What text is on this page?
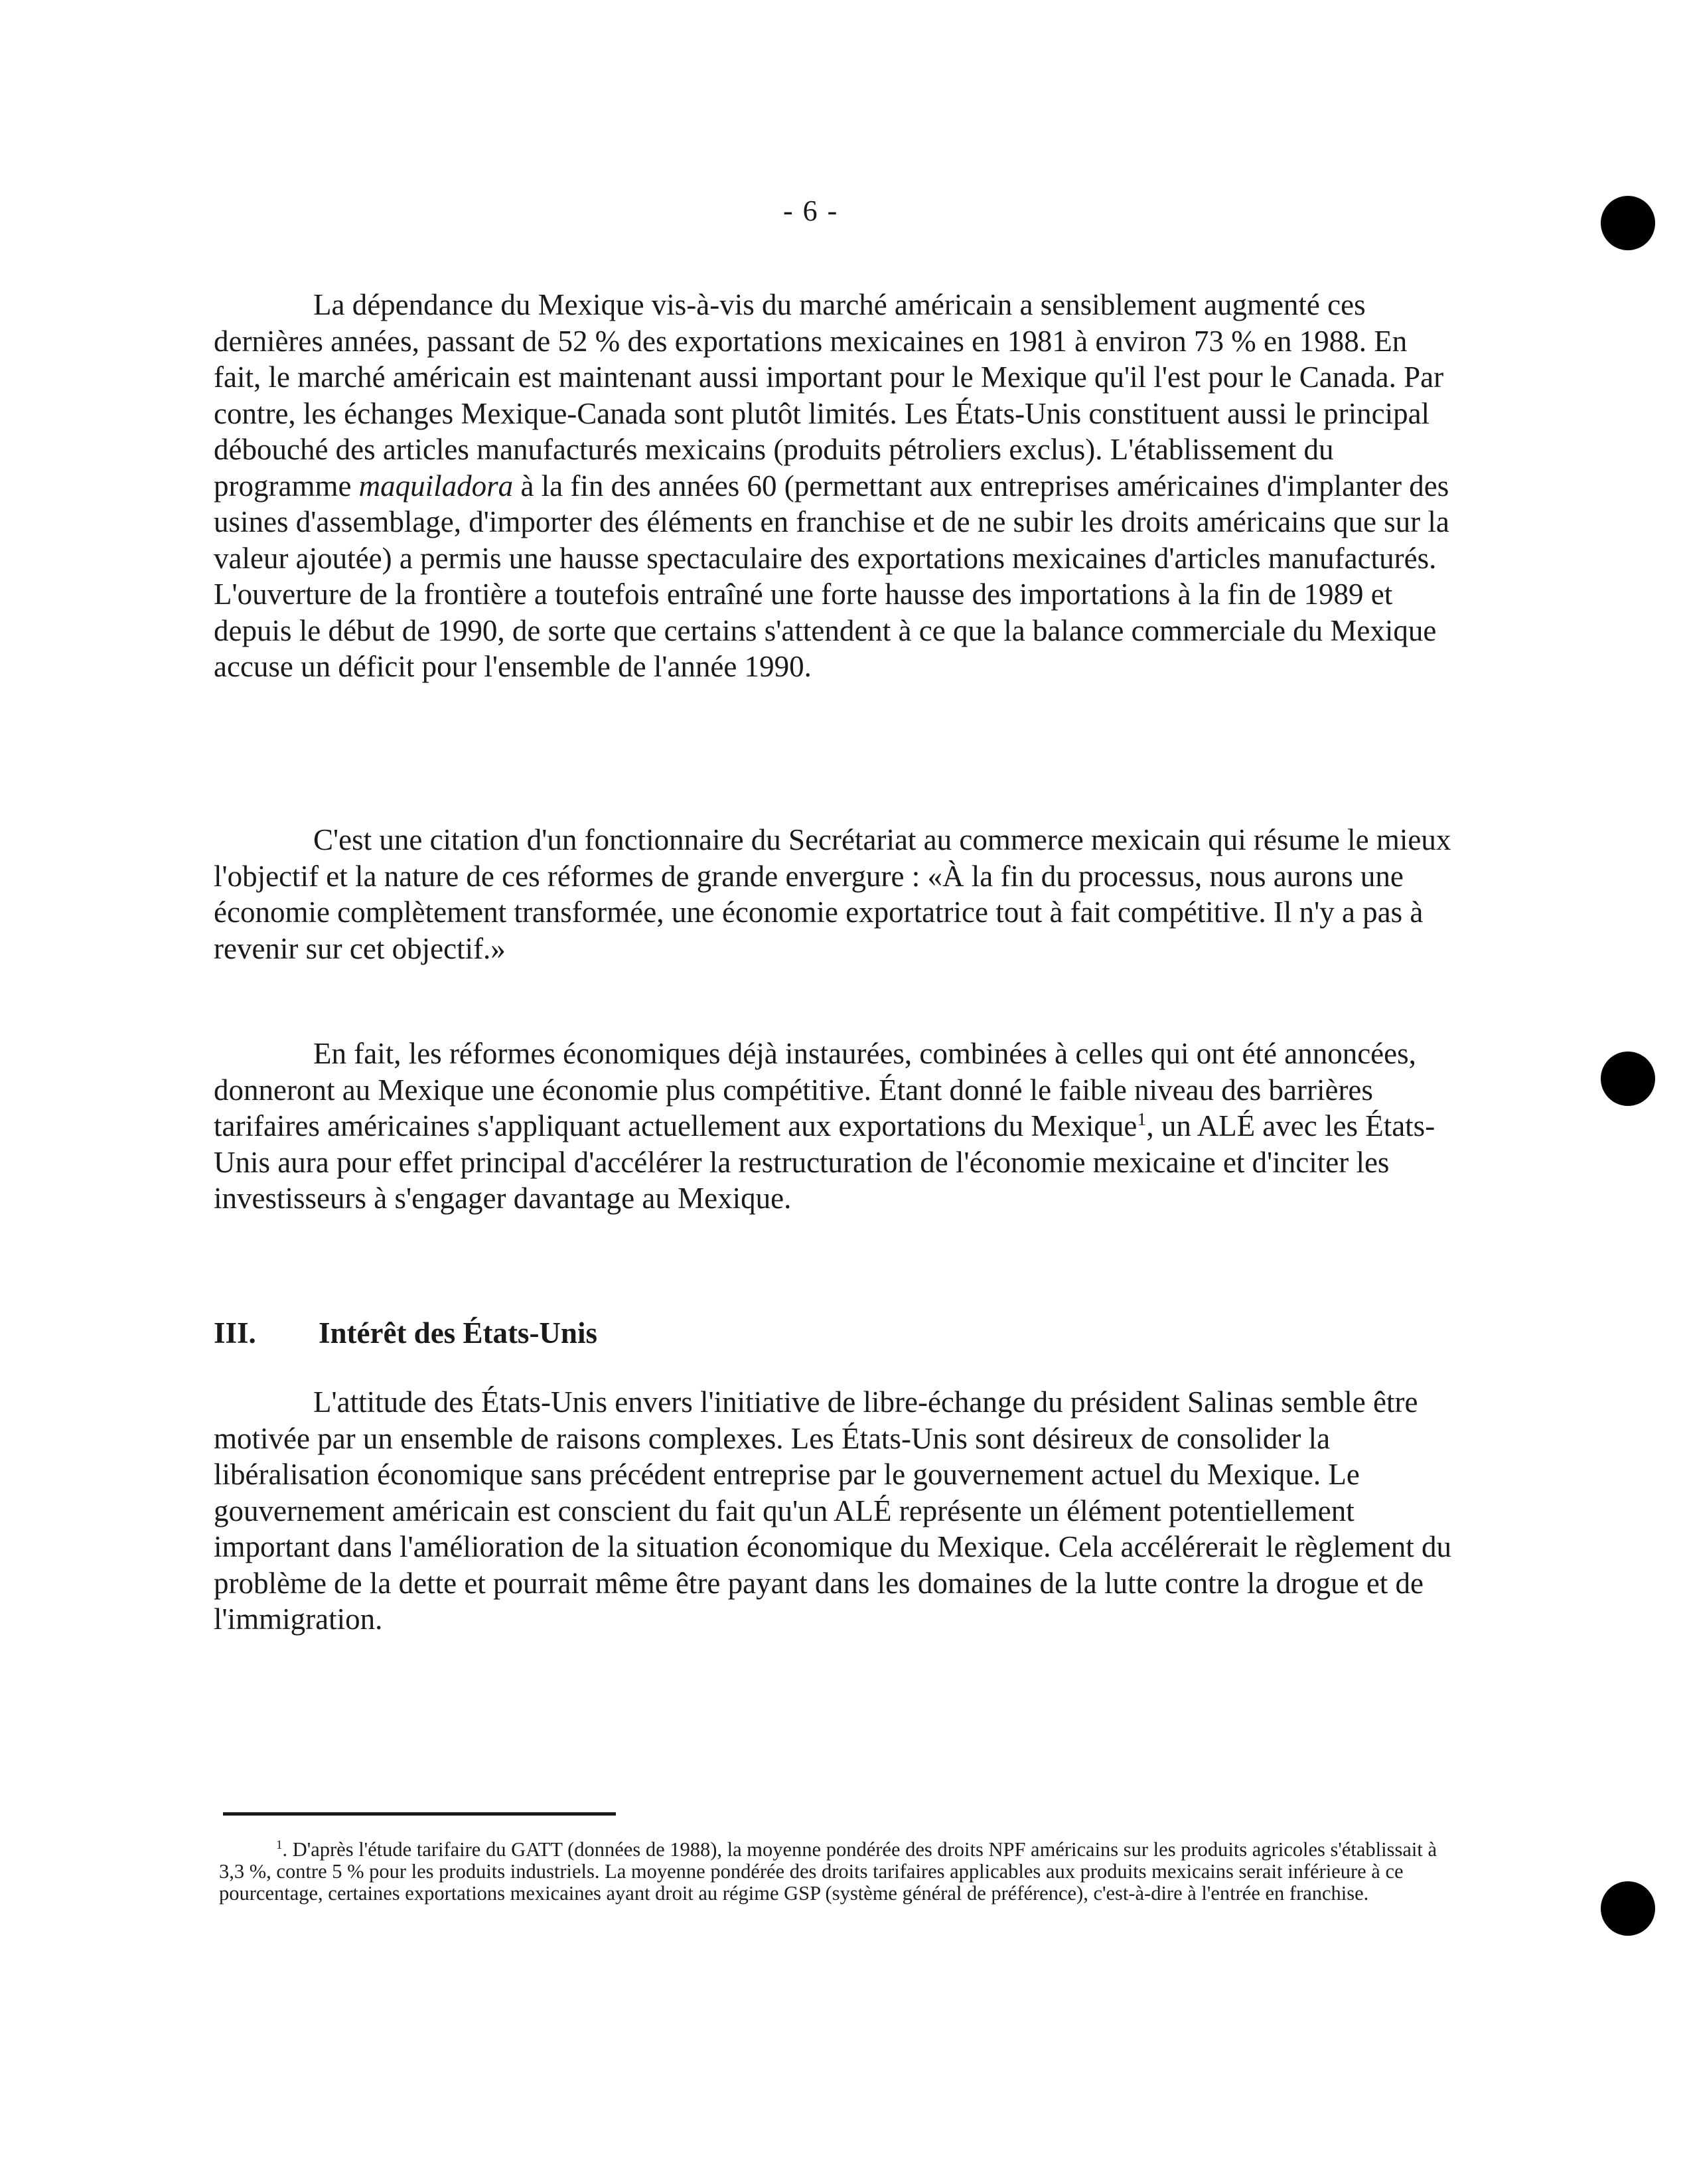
- 6 -

La dépendance du Mexique vis-à-vis du marché américain a sensiblement augmenté ces dernières années, passant de 52 % des exportations mexicaines en 1981 à environ 73 % en 1988. En fait, le marché américain est maintenant aussi important pour le Mexique qu'il l'est pour le Canada. Par contre, les échanges Mexique-Canada sont plutôt limités. Les États-Unis constituent aussi le principal débouché des articles manufacturés mexicains (produits pétroliers exclus). L'établissement du programme maquiladora à la fin des années 60 (permettant aux entreprises américaines d'implanter des usines d'assemblage, d'importer des éléments en franchise et de ne subir les droits américains que sur la valeur ajoutée) a permis une hausse spectaculaire des exportations mexicaines d'articles manufacturés. L'ouverture de la frontière a toutefois entraîné une forte hausse des importations à la fin de 1989 et depuis le début de 1990, de sorte que certains s'attendent à ce que la balance commerciale du Mexique accuse un déficit pour l'ensemble de l'année 1990.

C'est une citation d'un fonctionnaire du Secrétariat au commerce mexicain qui résume le mieux l'objectif et la nature de ces réformes de grande envergure : «À la fin du processus, nous aurons une économie complètement transformée, une économie exportatrice tout à fait compétitive. Il n'y a pas à revenir sur cet objectif.»

En fait, les réformes économiques déjà instaurées, combinées à celles qui ont été annoncées, donneront au Mexique une économie plus compétitive. Étant donné le faible niveau des barrières tarifaires américaines s'appliquant actuellement aux exportations du Mexique$^1$, un ALÉ avec les États-Unis aura pour effet principal d'accélérer la restructuration de l'économie mexicaine et d'inciter les investisseurs à s'engager davantage au Mexique.

III. Intérêt des États-Unis

L'attitude des États-Unis envers l'initiative de libre-échange du président Salinas semble être motivée par un ensemble de raisons complexes. Les États-Unis sont désireux de consolider la libéralisation économique sans précédent entreprise par le gouvernement actuel du Mexique. Le gouvernement américain est conscient du fait qu'un ALÉ représente un élément potentiellement important dans l'amélioration de la situation économique du Mexique. Cela accélérerait le règlement du problème de la dette et pourrait même être payant dans les domaines de la lutte contre la drogue et de l'immigration.

$^1$. D'après l'étude tarifaire du GATT (données de 1988), la moyenne pondérée des droits NPF américains sur les produits agricoles s'établissait à 3,3 %, contre 5 % pour les produits industriels. La moyenne pondérée des droits tarifaires applicables aux produits mexicains serait inférieure à ce pourcentage, certaines exportations mexicaines ayant droit au régime GSP (système général de préférence), c'est-à-dire à l'entrée en franchise.
